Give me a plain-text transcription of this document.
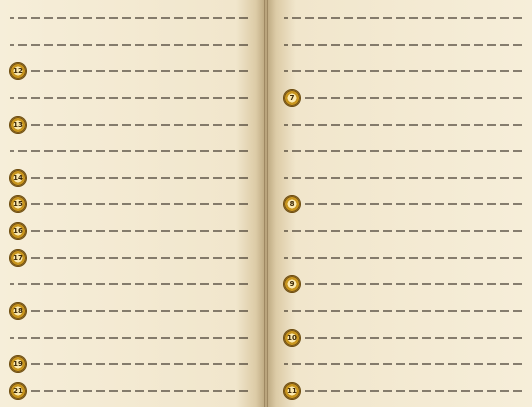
7
8
9
10
11
12
13
14
15
16
17
18
19
21
